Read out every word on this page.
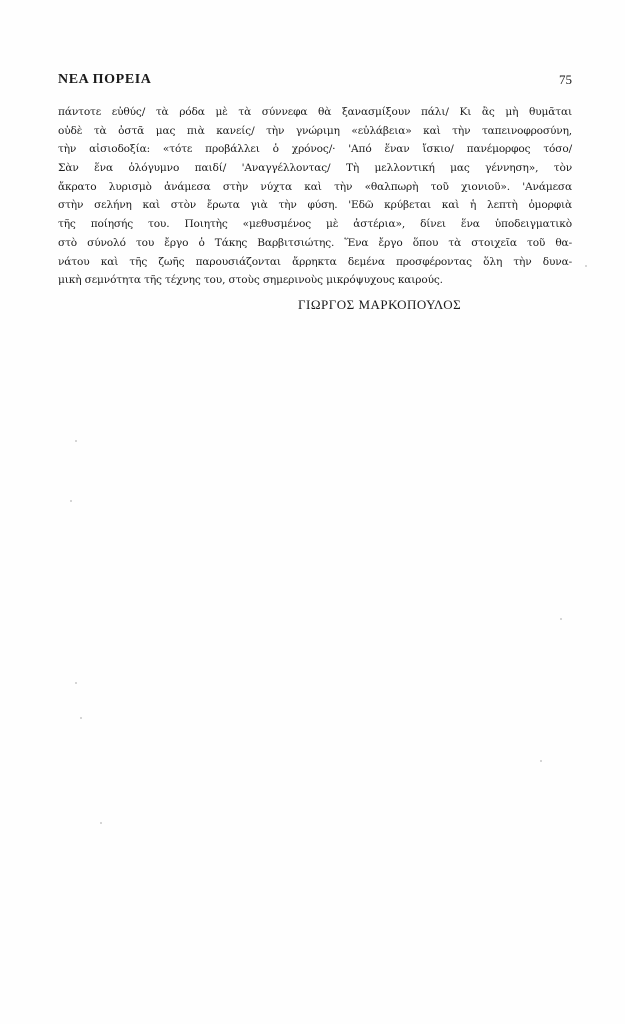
ΝΕΑ ΠΟΡΕΙΑ	75
πάντοτε εὐθύς/ τὰ ρόδα μὲ τὰ σύννεφα θὰ ξανασμίξουν πάλι/ Κι ἂς μὴ θυμᾶται
οὐδὲ τὰ ὀστᾶ μας πιὰ κανείς/ τὴν γνώριμη «εὐλάβεια» καὶ τὴν ταπεινοφροσύνη,
τὴν αἰσιοδοξία: «τότε προβάλλει ὁ χρόνος/· 'Από ἕναν ἴσκιο/ πανέμορφος τόσο/
Σὰν ἕνα ὁλόγυμνο παιδί/ 'Αναγγέλλοντας/ Τὴ μελλοντική μας γέννηση», τὸν
ἄκρατο λυρισμὸ ἀνάμεσα στὴν νύχτα καὶ τὴν «θαλπωρὴ τοῦ χιονιοῦ». 'Ανάμεσα
στὴν σελήνη καὶ στὸν ἔρωτα γιὰ τὴν φύση. 'Εδῶ κρύβεται καὶ ἡ λεπτὴ ὀμορφιὰ
τῆς ποίησής του. Ποιητὴς «μεθυσμένος μὲ ἀστέρια», δίνει ἕνα ὑποδειγματικὸ
στὸ σύνολό του ἔργο ὁ Τάκης Βαρβιτσιώτης. Ἕνα ἔργο ὅπου τὰ στοιχεῖα τοῦ θα-
νάτου καὶ τῆς ζωῆς παρουσιάζονται ἄρρηκτα δεμένα προσφέροντας ὅλη τὴν δυνα-
μικὴ σεμνότητα τῆς τέχνης του, στοὺς σημερινοὺς μικρόψυχους καιρούς.
ΓΙΩΡΓΟΣ ΜΑΡΚΟΠΟΥΛΟΣ
